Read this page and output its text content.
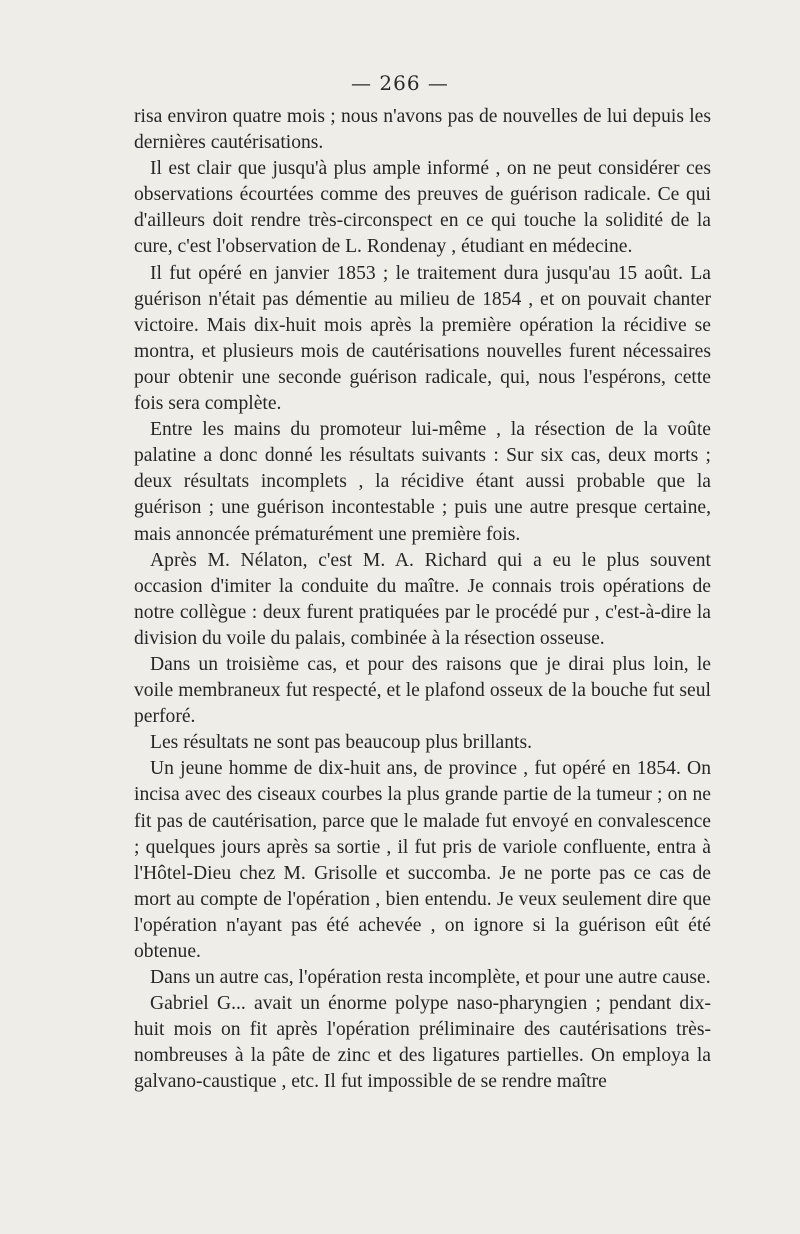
— 266 —

risa environ quatre mois ; nous n'avons pas de nouvelles de lui depuis les dernières cautérisations.

Il est clair que jusqu'à plus ample informé , on ne peut considérer ces observations écourtées comme des preuves de guérison radicale. Ce qui d'ailleurs doit rendre très-circonspect en ce qui touche la solidité de la cure, c'est l'observation de L. Rondenay , étudiant en médecine.

Il fut opéré en janvier 1853 ; le traitement dura jusqu'au 15 août. La guérison n'était pas démentie au milieu de 1854 , et on pouvait chanter victoire. Mais dix-huit mois après la première opération la récidive se montra, et plusieurs mois de cautérisations nouvelles furent nécessaires pour obtenir une seconde guérison radicale, qui, nous l'espérons, cette fois sera complète.

Entre les mains du promoteur lui-même , la résection de la voûte palatine a donc donné les résultats suivants : Sur six cas, deux morts ; deux résultats incomplets , la récidive étant aussi probable que la guérison ; une guérison incontestable ; puis une autre presque certaine, mais annoncée prématurément une première fois.

Après M. Nélaton, c'est M. A. Richard qui a eu le plus souvent occasion d'imiter la conduite du maître. Je connais trois opérations de notre collègue : deux furent pratiquées par le procédé pur , c'est-à-dire la division du voile du palais, combinée à la résection osseuse.

Dans un troisième cas, et pour des raisons que je dirai plus loin, le voile membraneux fut respecté, et le plafond osseux de la bouche fut seul perforé.

Les résultats ne sont pas beaucoup plus brillants.

Un jeune homme de dix-huit ans, de province , fut opéré en 1854. On incisa avec des ciseaux courbes la plus grande partie de la tumeur ; on ne fit pas de cautérisation, parce que le malade fut envoyé en convalescence ; quelques jours après sa sortie , il fut pris de variole confluente, entra à l'Hôtel-Dieu chez M. Grisolle et succomba. Je ne porte pas ce cas de mort au compte de l'opération , bien entendu. Je veux seulement dire que l'opération n'ayant pas été achevée , on ignore si la guérison eût été obtenue.

Dans un autre cas, l'opération resta incomplète, et pour une autre cause.

Gabriel G... avait un énorme polype naso-pharyngien ; pendant dix-huit mois on fit après l'opération préliminaire des cautérisations très-nombreuses à la pâte de zinc et des ligatures partielles. On employa la galvano-caustique , etc. Il fut impossible de se rendre maître
